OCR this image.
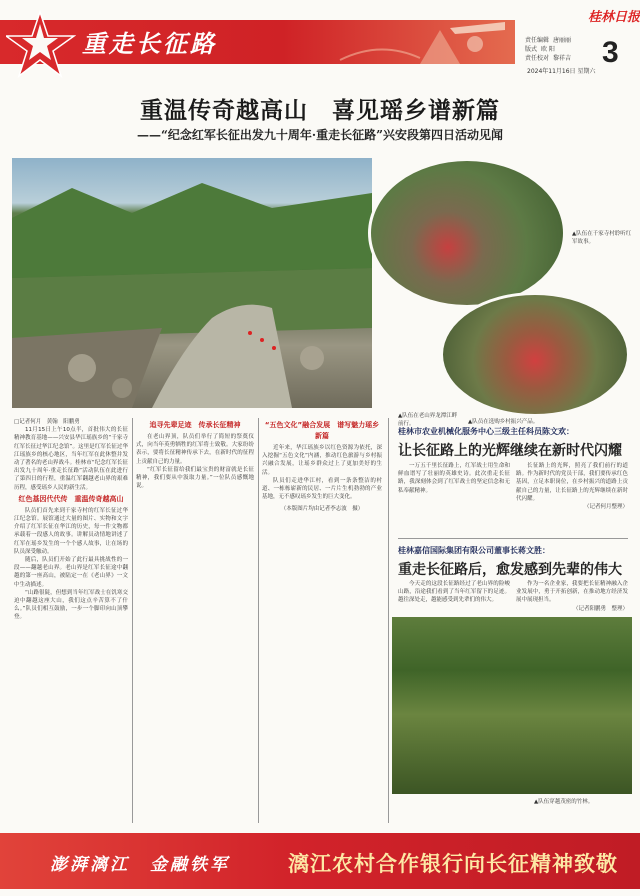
重走长征路
桂林日报
责任编辑 唐丽丽
版式 欧 阳
责任校对 黎祥吉	3
2024年11月16日 星期六
重温传奇越高山　喜见瑶乡谱新篇
——“纪念红军长征出发九十周年·重走长征路”兴安段第四日活动见闻
▲队伍在千家寺村聆听红军故事。
▲队员在选购乡村振兴产品。
▲队伍在老山界龙潭江畔前行。
▲队伍穿越茂密的竹林。

□记者何月　黄翰　阳鹏勇

11月15日上午10点半，首批伟大的长征精神教育基地——兴安县华江瑶族乡的“千家寺红军长征过华江纪念馆”。这里是红军长征过华江瑶族乡的核心地区，当年红军在此休整并发动了著名的老山界战斗。桂林市“纪念红军长征出发九十周年·重走长征路”活动队伍在此进行了第四日的行程，重温红军翻越老山界的艰难历程，感受瑶乡人民的新生活。

红色基因代代传　重温传奇越高山

队员们首先来到千家寺村的红军长征过华江纪念馆。展馆通过大量的图片、实物和文字介绍了红军长征在华江的历史，每一件文物都承载着一段感人的故事。讲解员动情地讲述了红军在瑶乡发生的一个个感人故事，让在场的队员深受触动。

随后，队员们开始了此行最具挑战性的一段——翻越老山界。老山界是红军长征途中翻越的第一座高山，被陆定一在《老山界》一文中生动描述。

“山路很陡，但想到当年红军战士在饥寒交迫中翻越这座大山，我们这点辛苦算不了什么。”队员们相互鼓励，一步一个脚印向山顶攀登。

追寻先辈足迹　传承长征精神

在老山界顶，队员们举行了简短的祭奠仪式，向当年英勇牺牲的红军将士致敬。大家纷纷表示，要将长征精神传承下去，在新时代的征程上贡献自己的力量。

“红军长征留给我们最宝贵的财富就是长征精神，我们要从中汲取力量。”一位队员感慨地说。

“五色文化”融合发展　谱写魅力瑶乡新篇

近年来，华江瑶族乡以红色资源为依托，深入挖掘“五色文化”内涵，推动红色旅游与乡村振兴融合发展，让瑶乡群众过上了更加美好的生活。

队员们走进华江村，看到一条条整洁的村道、一栋栋崭新的民居、一片片生机勃勃的产业基地，无不感叹瑶乡发生的巨大变化。

（本版图片均由记者李志波　摄）

桂林市农业机械化服务中心三级主任科员陈文欢：
让长征路上的光辉继续在新时代闪耀

一万五千里长征路上，红军战士用生命和鲜血谱写了壮丽的英雄史诗。此次重走长征路，我深刻体会到了红军战士的坚定信念和无私奉献精神。

长征路上的光辉，照亮了我们前行的道路。作为新时代的党员干部，我们要传承红色基因，立足本职岗位，在乡村振兴的道路上贡献自己的力量，让长征路上的光辉继续在新时代闪耀。

（记者何月整理）

桂林嘉信国际集团有限公司董事长蒋文胜：
重走长征路后，愈发感到先辈的伟大

今天走的这段长征路经过了老山界的险峻山路，沿途我们看到了当年红军留下的足迹。越往深处走，越能感受到先辈们的伟大。

作为一名企业家，我要把长征精神融入企业发展中，勇于开拓创新，在推动地方经济发展中展现担当。

（记者阳鹏勇　整理）

澎湃漓江　金融铁军	漓江农村合作银行向长征精神致敬
